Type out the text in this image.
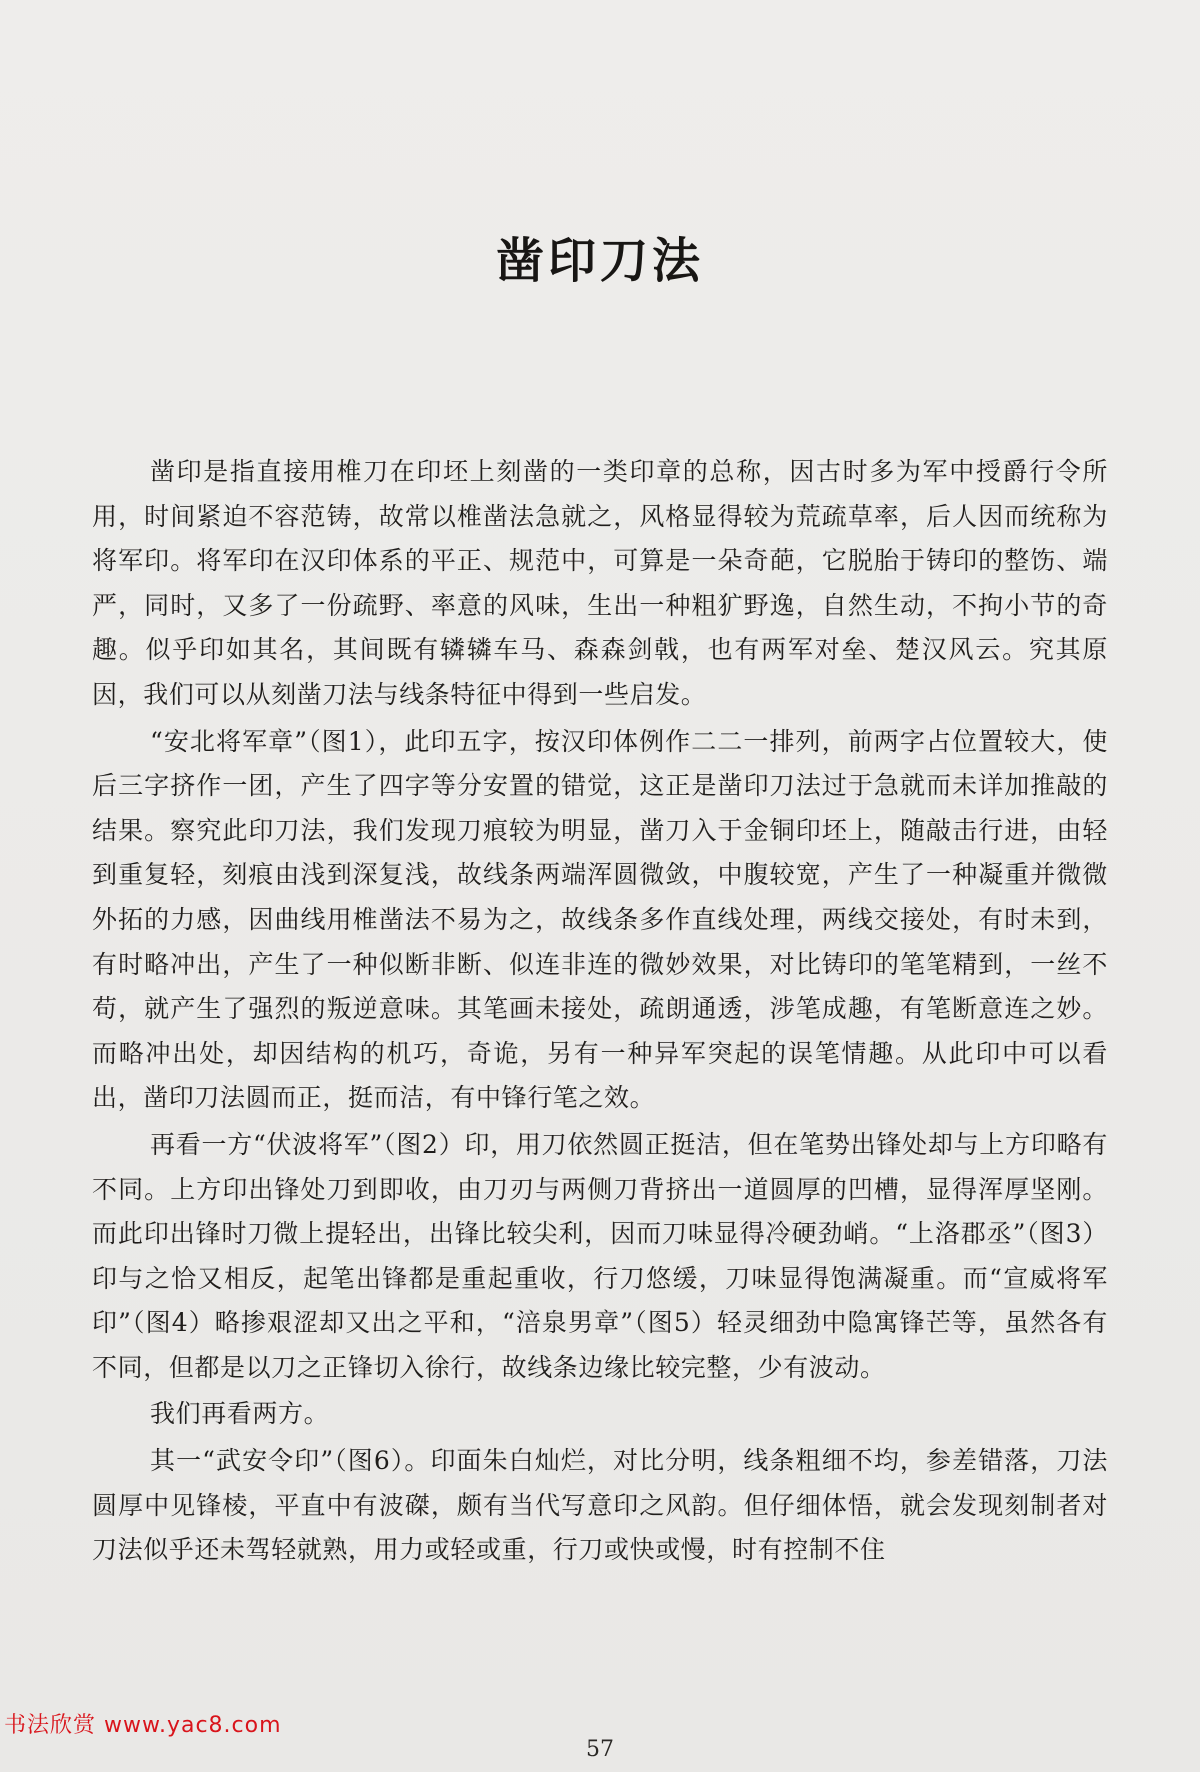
凿印刀法

凿印是指直接用椎刀在印坯上刻凿的一类印章的总称，因古时多为军中授爵行令所用，时间紧迫不容范铸，故常以椎凿法急就之，风格显得较为荒疏草率，后人因而统称为将军印。将军印在汉印体系的平正、规范中，可算是一朵奇葩，它脱胎于铸印的整饬、端严，同时，又多了一份疏野、率意的风味，生出一种粗犷野逸，自然生动，不拘小节的奇趣。似乎印如其名，其间既有辚辚车马、森森剑戟，也有两军对垒、楚汉风云。究其原因，我们可以从刻凿刀法与线条特征中得到一些启发。

“安北将军章”（图1），此印五字，按汉印体例作二二一排列，前两字占位置较大，使后三字挤作一团，产生了四字等分安置的错觉，这正是凿印刀法过于急就而未详加推敲的结果。察究此印刀法，我们发现刀痕较为明显，凿刀入于金铜印坯上，随敲击行进，由轻到重复轻，刻痕由浅到深复浅，故线条两端浑圆微敛，中腹较宽，产生了一种凝重并微微外拓的力感，因曲线用椎凿法不易为之，故线条多作直线处理，两线交接处，有时未到，有时略冲出，产生了一种似断非断、似连非连的微妙效果，对比铸印的笔笔精到，一丝不苟，就产生了强烈的叛逆意味。其笔画未接处，疏朗通透，涉笔成趣，有笔断意连之妙。而略冲出处，却因结构的机巧，奇诡，另有一种异军突起的误笔情趣。从此印中可以看出，凿印刀法圆而正，挺而洁，有中锋行笔之效。

再看一方“伏波将军”（图2）印，用刀依然圆正挺洁，但在笔势出锋处却与上方印略有不同。上方印出锋处刀到即收，由刀刃与两侧刀背挤出一道圆厚的凹槽，显得浑厚坚刚。而此印出锋时刀微上提轻出，出锋比较尖利，因而刀味显得冷硬劲峭。“上洛郡丞”（图3）印与之恰又相反，起笔出锋都是重起重收，行刀悠缓，刀味显得饱满凝重。而“宣威将军印”（图4）略掺艰涩却又出之平和，“涪泉男章”（图5）轻灵细劲中隐寓锋芒等，虽然各有不同，但都是以刀之正锋切入徐行，故线条边缘比较完整，少有波动。

我们再看两方。

其一“武安令印”（图6）。印面朱白灿烂，对比分明，线条粗细不均，参差错落，刀法圆厚中见锋棱，平直中有波磔，颇有当代写意印之风韵。但仔细体悟，就会发现刻制者对刀法似乎还未驾轻就熟，用力或轻或重，行刀或快或慢，时有控制不住

书法欣赏 www.yac8.com
57
